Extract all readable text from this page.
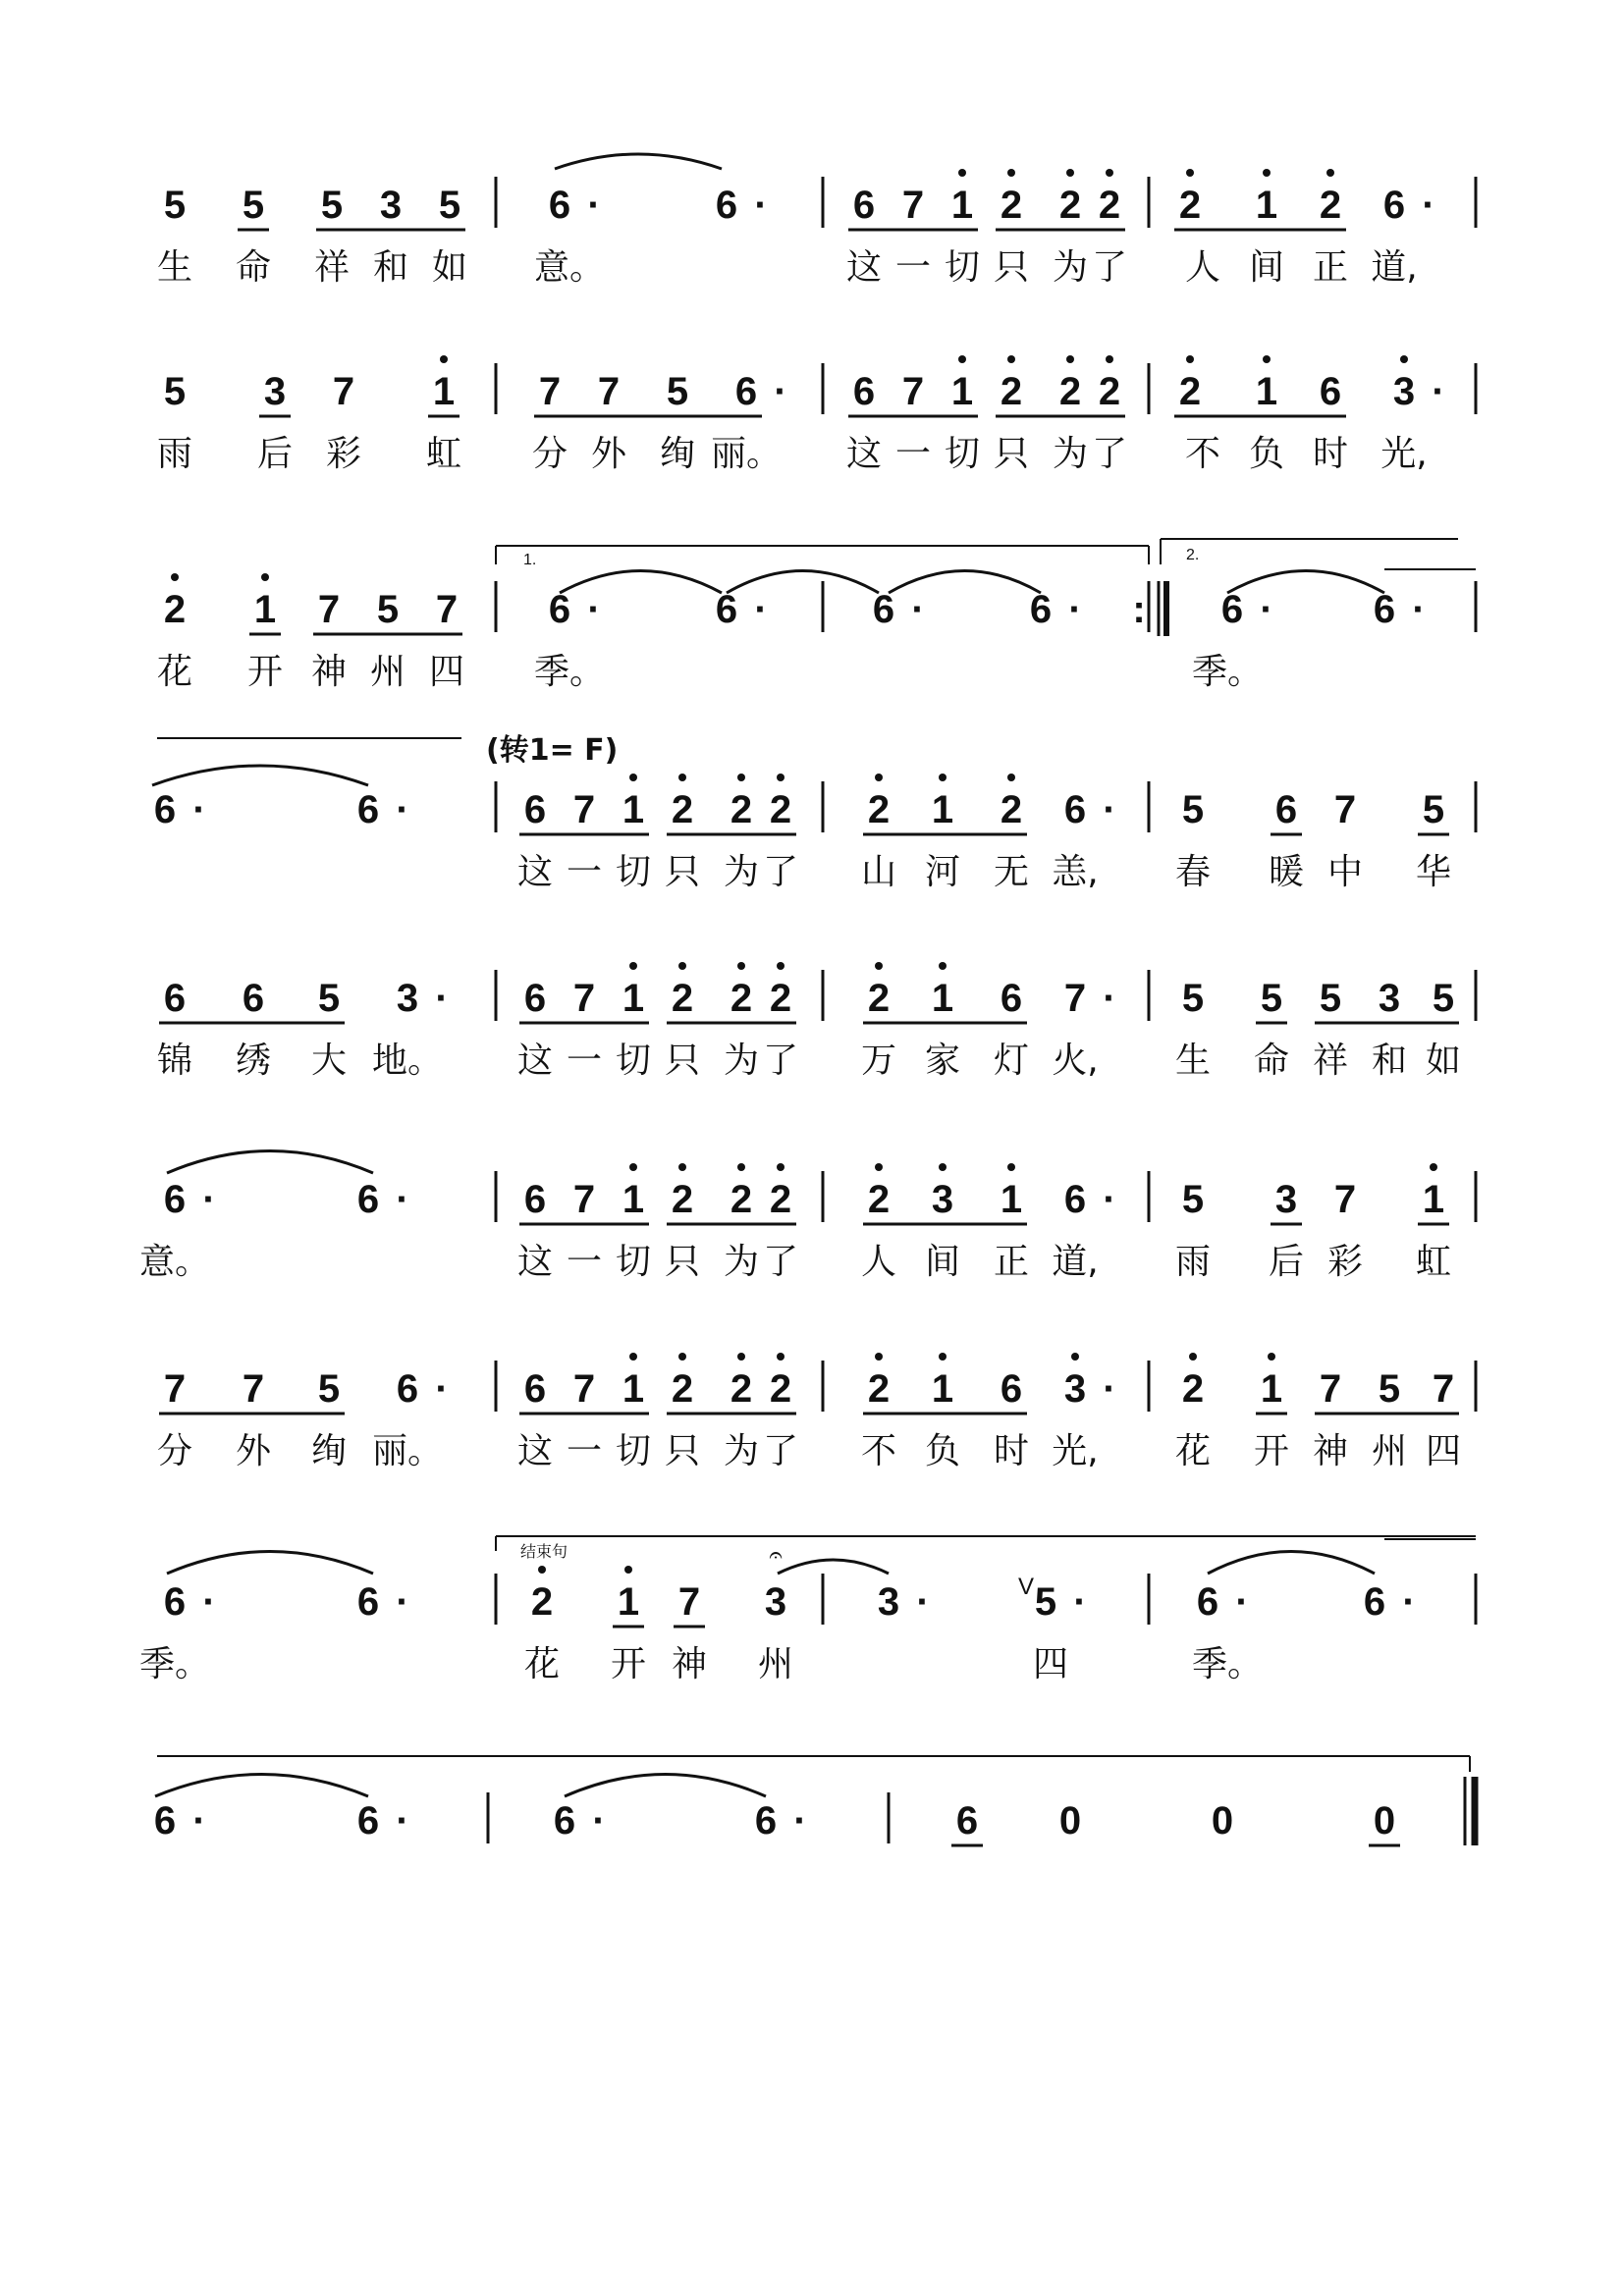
5 5 5 3 5
生 命 祥 和 如
6 ·	6 ·
意。
6 7 1 2 2 2
这 一 切 只 为 了
2 1 2 6 ·
人 间 正 道,
5 3 7 1
雨 后 彩 虹
7 7 5 6 ·
分 外 绚 丽。
6 7 1 2 2 2
这 一 切 只 为 了
2 1 6 3 ·
不 负 时 光,
2 1 7 5 7
花 开 神 州 四
6 ·	6 ·
季。
6 ·	6 ·	6 ·	6 ·
季。
6 ·	6 ·	6 7 1 2 2 2
这 一 切 只 为 了
2 1 2 6 ·
山 河 无 恙,
5 6 7 5
春 暖 中 华
6 6 5 3 ·
锦 绣 大 地。
6 7 1 2 2 2
这 一 切 只 为 了
2 1 6 7 ·
万 家 灯 火,
5 5 5 3 5
生 命 祥 和 如
6 ·	6 ·
意。
6 7 1 2 2 2
这 一 切 只 为 了
2 3 1 6 ·
人 间 正 道,
5 3 7 1
雨 后 彩 虹
7 7 5 6 ·
分 外 绚 丽。
6 7 1 2 2 2
这 一 切 只 为 了
2 1 6 3 ·
不 负 时 光,
2 1 7 5 7
花 开 神 州 四
6 ·	6 ·
季。
2 1 7 3
花 开 神 州
3 ·	5 ·
四
6 ·	6 ·
季。
6 ·	6 ·	6 ·	6 ·	6 0	0	0
1.	2.
:
结束句	𝄐
V
(转1= F)
